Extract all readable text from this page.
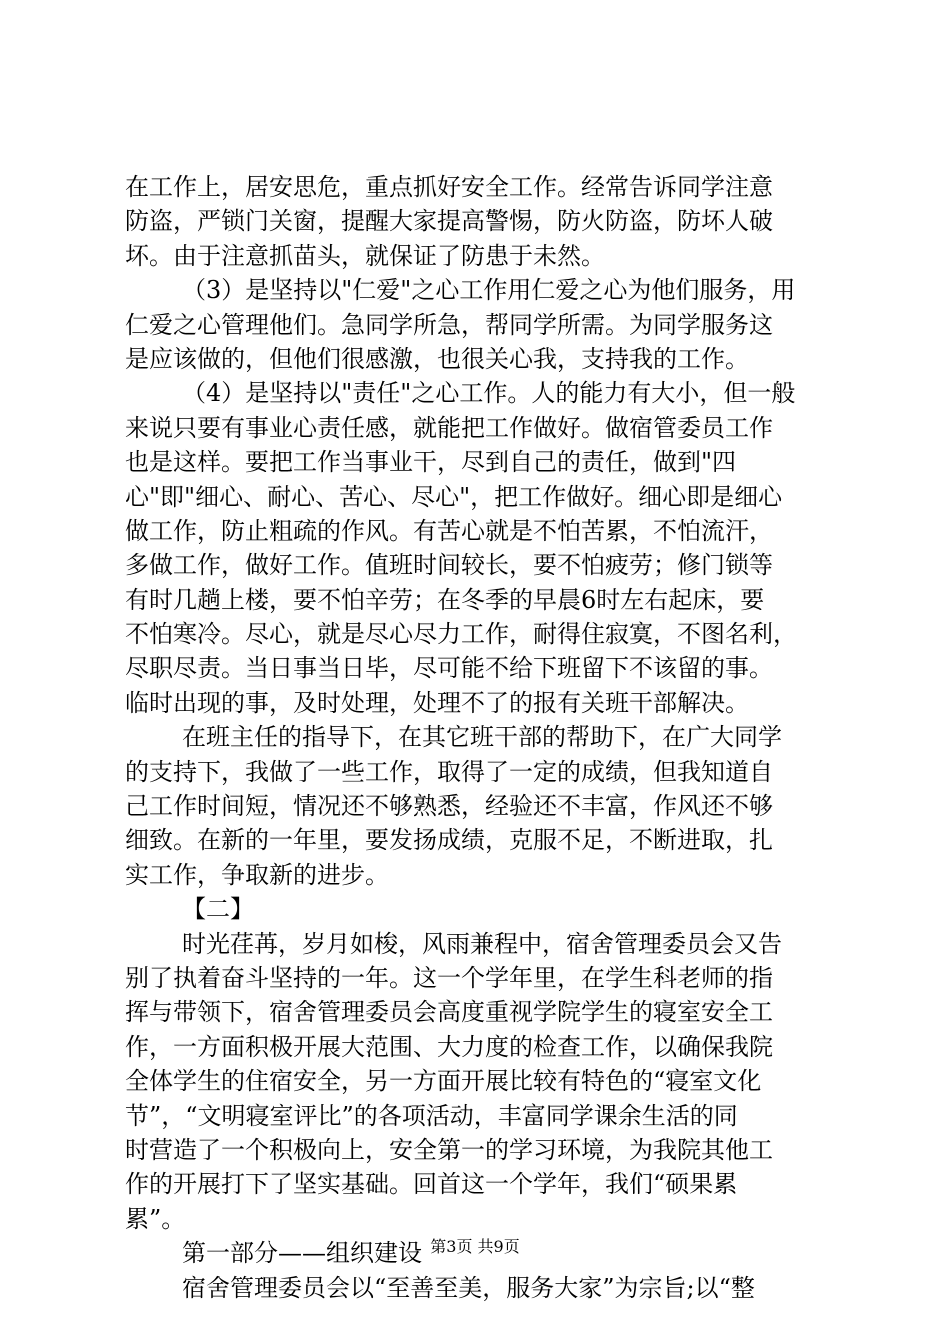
在工作上，居安思危，重点抓好安全工作。经常告诉同学注意
防盗，严锁门关窗，提醒大家提高警惕，防火防盗，防坏人破
坏。由于注意抓苗头，就保证了防患于未然。
（3）是坚持以"仁爱"之心工作用仁爱之心为他们服务，用
仁爱之心管理他们。急同学所急，帮同学所需。为同学服务这
是应该做的，但他们很感激，也很关心我，支持我的工作。
（4）是坚持以"责任"之心工作。人的能力有大小，但一般
来说只要有事业心责任感，就能把工作做好。做宿管委员工作
也是这样。要把工作当事业干，尽到自己的责任，做到"四
心"即"细心、耐心、苦心、尽心"，把工作做好。细心即是细心
做工作，防止粗疏的作风。有苦心就是不怕苦累，不怕流汗，
多做工作，做好工作。值班时间较长，要不怕疲劳；修门锁等
有时几趟上楼，要不怕辛劳；在冬季的早晨6时左右起床，要
不怕寒冷。尽心，就是尽心尽力工作，耐得住寂寞，不图名利，
尽职尽责。当日事当日毕，尽可能不给下班留下不该留的事。
临时出现的事，及时处理，处理不了的报有关班干部解决。
在班主任的指导下，在其它班干部的帮助下，在广大同学
的支持下，我做了一些工作，取得了一定的成绩，但我知道自
己工作时间短，情况还不够熟悉，经验还不丰富，作风还不够
细致。在新的一年里，要发扬成绩，克服不足，不断进取，扎
实工作，争取新的进步。
【二】
时光荏苒，岁月如梭，风雨兼程中，宿舍管理委员会又告
别了执着奋斗坚持的一年。这一个学年里，在学生科老师的指
挥与带领下，宿舍管理委员会高度重视学院学生的寝室安全工
作，一方面积极开展大范围、大力度的检查工作，以确保我院
全体学生的住宿安全，另一方面开展比较有特色的“寝室文化
节”，“文明寝室评比”的各项活动，丰富同学课余生活的同
时营造了一个积极向上，安全第一的学习环境，为我院其他工
作的开展打下了坚实基础。回首这一个学年，我们“硕果累
累”。
第一部分——组织建设
宿舍管理委员会以“至善至美，服务大家”为宗旨;以“整
第3页 共9页
